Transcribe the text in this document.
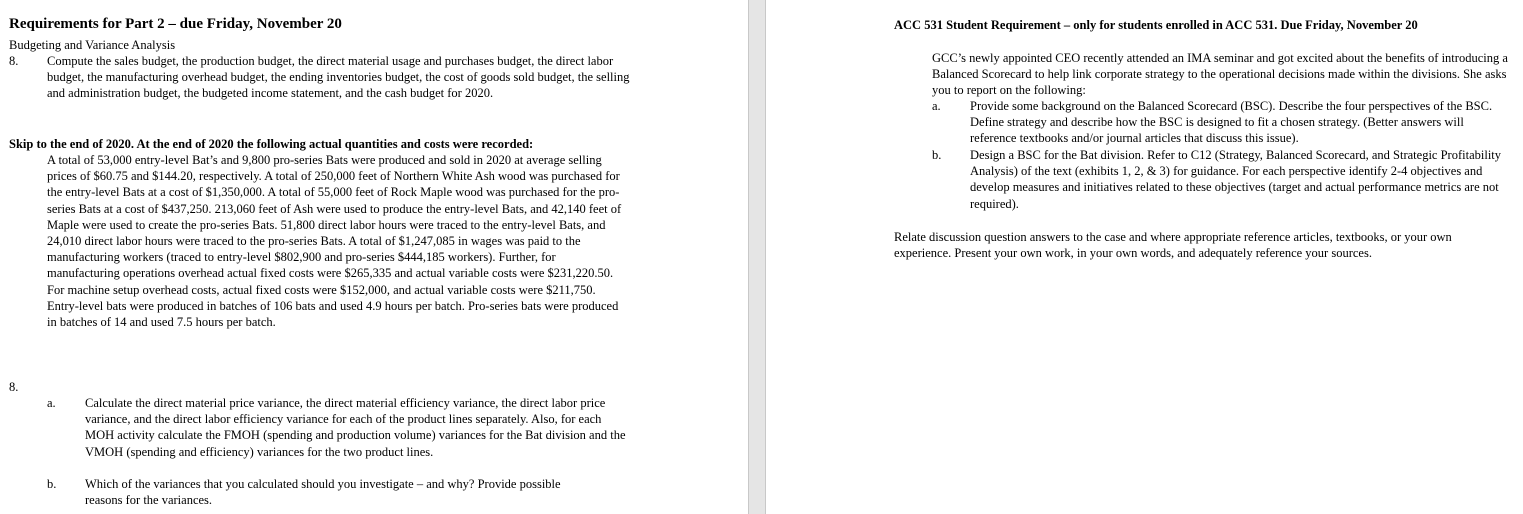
Requirements for Part 2 – due Friday, November 20
Budgeting and Variance Analysis
8. Compute the sales budget, the production budget, the direct material usage and purchases budget, the direct labor budget, the manufacturing overhead budget, the ending inventories budget, the cost of goods sold budget, the selling and administration budget, the budgeted income statement, and the cash budget for 2020.
Skip to the end of 2020. At the end of 2020 the following actual quantities and costs were recorded:
A total of 53,000 entry-level Bat’s and 9,800 pro-series Bats were produced and sold in 2020 at average selling prices of $60.75 and $144.20, respectively. A total of 250,000 feet of Northern White Ash wood was purchased for the entry-level Bats at a cost of $1,350,000. A total of 55,000 feet of Rock Maple wood was purchased for the pro-series Bats at a cost of $437,250. 213,060 feet of Ash were used to produce the entry-level Bats, and 42,140 feet of Maple were used to create the pro-series Bats. 51,800 direct labor hours were traced to the entry-level Bats, and 24,010 direct labor hours were traced to the pro-series Bats. A total of $1,247,085 in wages was paid to the manufacturing workers (traced to entry-level $802,900 and pro-series $444,185 workers). Further, for manufacturing operations overhead actual fixed costs were $265,335 and actual variable costs were $231,220.50. For machine setup overhead costs, actual fixed costs were $152,000, and actual variable costs were $211,750. Entry-level bats were produced in batches of 106 bats and used 4.9 hours per batch. Pro-series bats were produced in batches of 14 and used 7.5 hours per batch.
8.
a. Calculate the direct material price variance, the direct material efficiency variance, the direct labor price variance, and the direct labor efficiency variance for each of the product lines separately. Also, for each MOH activity calculate the FMOH (spending and production volume) variances for the Bat division and the VMOH (spending and efficiency) variances for the two product lines.
b. Which of the variances that you calculated should you investigate – and why? Provide possible reasons for the variances.
ACC 531 Student Requirement – only for students enrolled in ACC 531. Due Friday, November 20
GCC’s newly appointed CEO recently attended an IMA seminar and got excited about the benefits of introducing a Balanced Scorecard to help link corporate strategy to the operational decisions made within the divisions. She asks you to report on the following:
a. Provide some background on the Balanced Scorecard (BSC). Describe the four perspectives of the BSC. Define strategy and describe how the BSC is designed to fit a chosen strategy. (Better answers will reference textbooks and/or journal articles that discuss this issue).
b. Design a BSC for the Bat division. Refer to C12 (Strategy, Balanced Scorecard, and Strategic Profitability Analysis) of the text (exhibits 1, 2, & 3) for guidance. For each perspective identify 2-4 objectives and develop measures and initiatives related to these objectives (target and actual performance metrics are not required).
Relate discussion question answers to the case and where appropriate reference articles, textbooks, or your own experience. Present your own work, in your own words, and adequately reference your sources.
